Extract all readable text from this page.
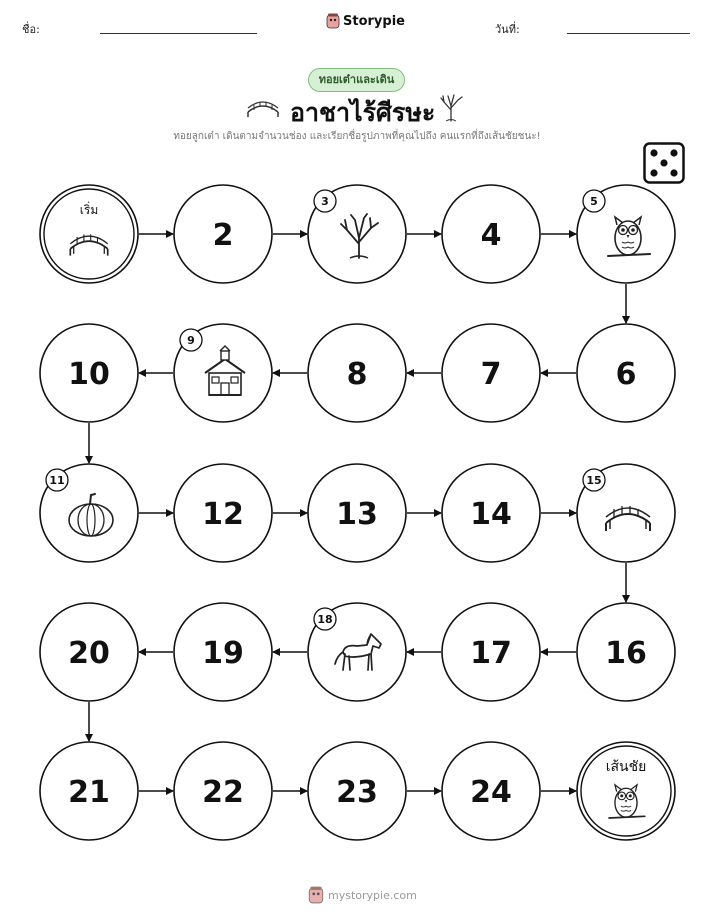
ชื่อ:
Storypie
วันที่:
ทอยเต๋าและเดิน
อาชาไร้ศีรษะ
ทอยลูกเต๋า เดินตามจำนวนช่อง และเรียกชื่อรูปภาพที่คุณไปถึง คนแรกที่ถึงเส้นชัยชนะ!
เริ่ม
2
3
4
5
6
7
8
9
10
11
12	13	14
15
16
17
18
19
20
21	22	23	24
เส้นชัย
mystorypie.com
